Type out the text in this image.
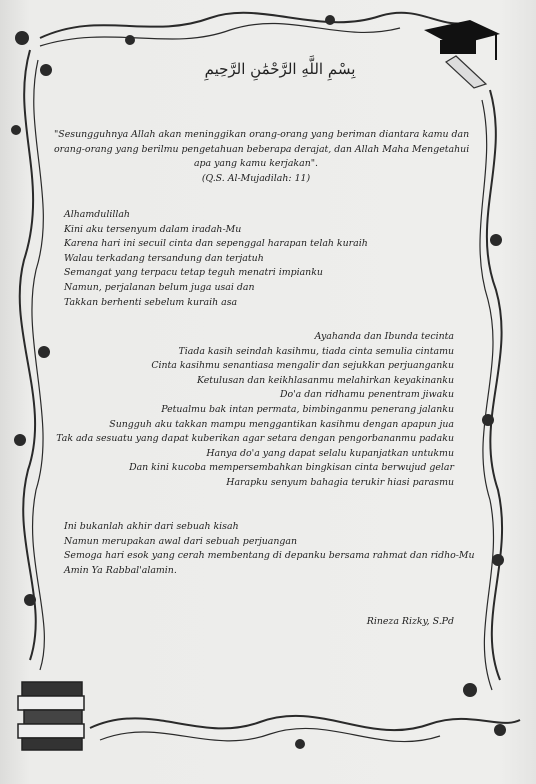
بِسْمِ اللَّهِ الرَّحْمَٰنِ الرَّحِيمِ
"Sesungguhnya Allah akan meninggikan orang-orang yang beriman diantara kamu dan
orang-orang yang berilmu pengetahuan beberapa derajat, dan Allah Maha Mengetahui
apa yang kamu kerjakan".
(Q.S. Al-Mujadilah: 11)
Alhamdulillah
Kini aku tersenyum dalam iradah-Mu
Karena hari ini secuil cinta dan sepenggal harapan telah kuraih
Walau terkadang tersandung dan terjatuh
Semangat yang terpacu tetap teguh menatri impianku
Namun, perjalanan belum juga usai dan
Takkan berhenti sebelum kuraih asa
Ayahanda dan Ibunda tecinta
Tiada kasih seindah kasihmu, tiada cinta semulia cintamu
Cinta kasihmu senantiasa mengalir dan sejukkan perjuanganku
Ketulusan dan keikhlasanmu melahirkan keyakinanku
Do'a dan ridhamu penentram jiwaku
Petualmu bak intan permata, bimbinganmu penerang jalanku
Sungguh aku takkan mampu menggantikan kasihmu dengan apapun jua
Tak ada sesuatu yang dapat kuberikan agar setara dengan pengorbananmu padaku
Hanya do'a yang dapat selalu kupanjatkan untukmu
Dan kini kucoba mempersembahkan bingkisan cinta berwujud gelar
Harapku senyum bahagia terukir hiasi parasmu
Ini bukanlah akhir dari sebuah kisah
Namun merupakan awal dari sebuah perjuangan
Semoga hari esok yang cerah membentang di depanku bersama rahmat dan ridho-Mu
Amin Ya Rabbal'alamin.
Rineza Rizky, S.Pd
